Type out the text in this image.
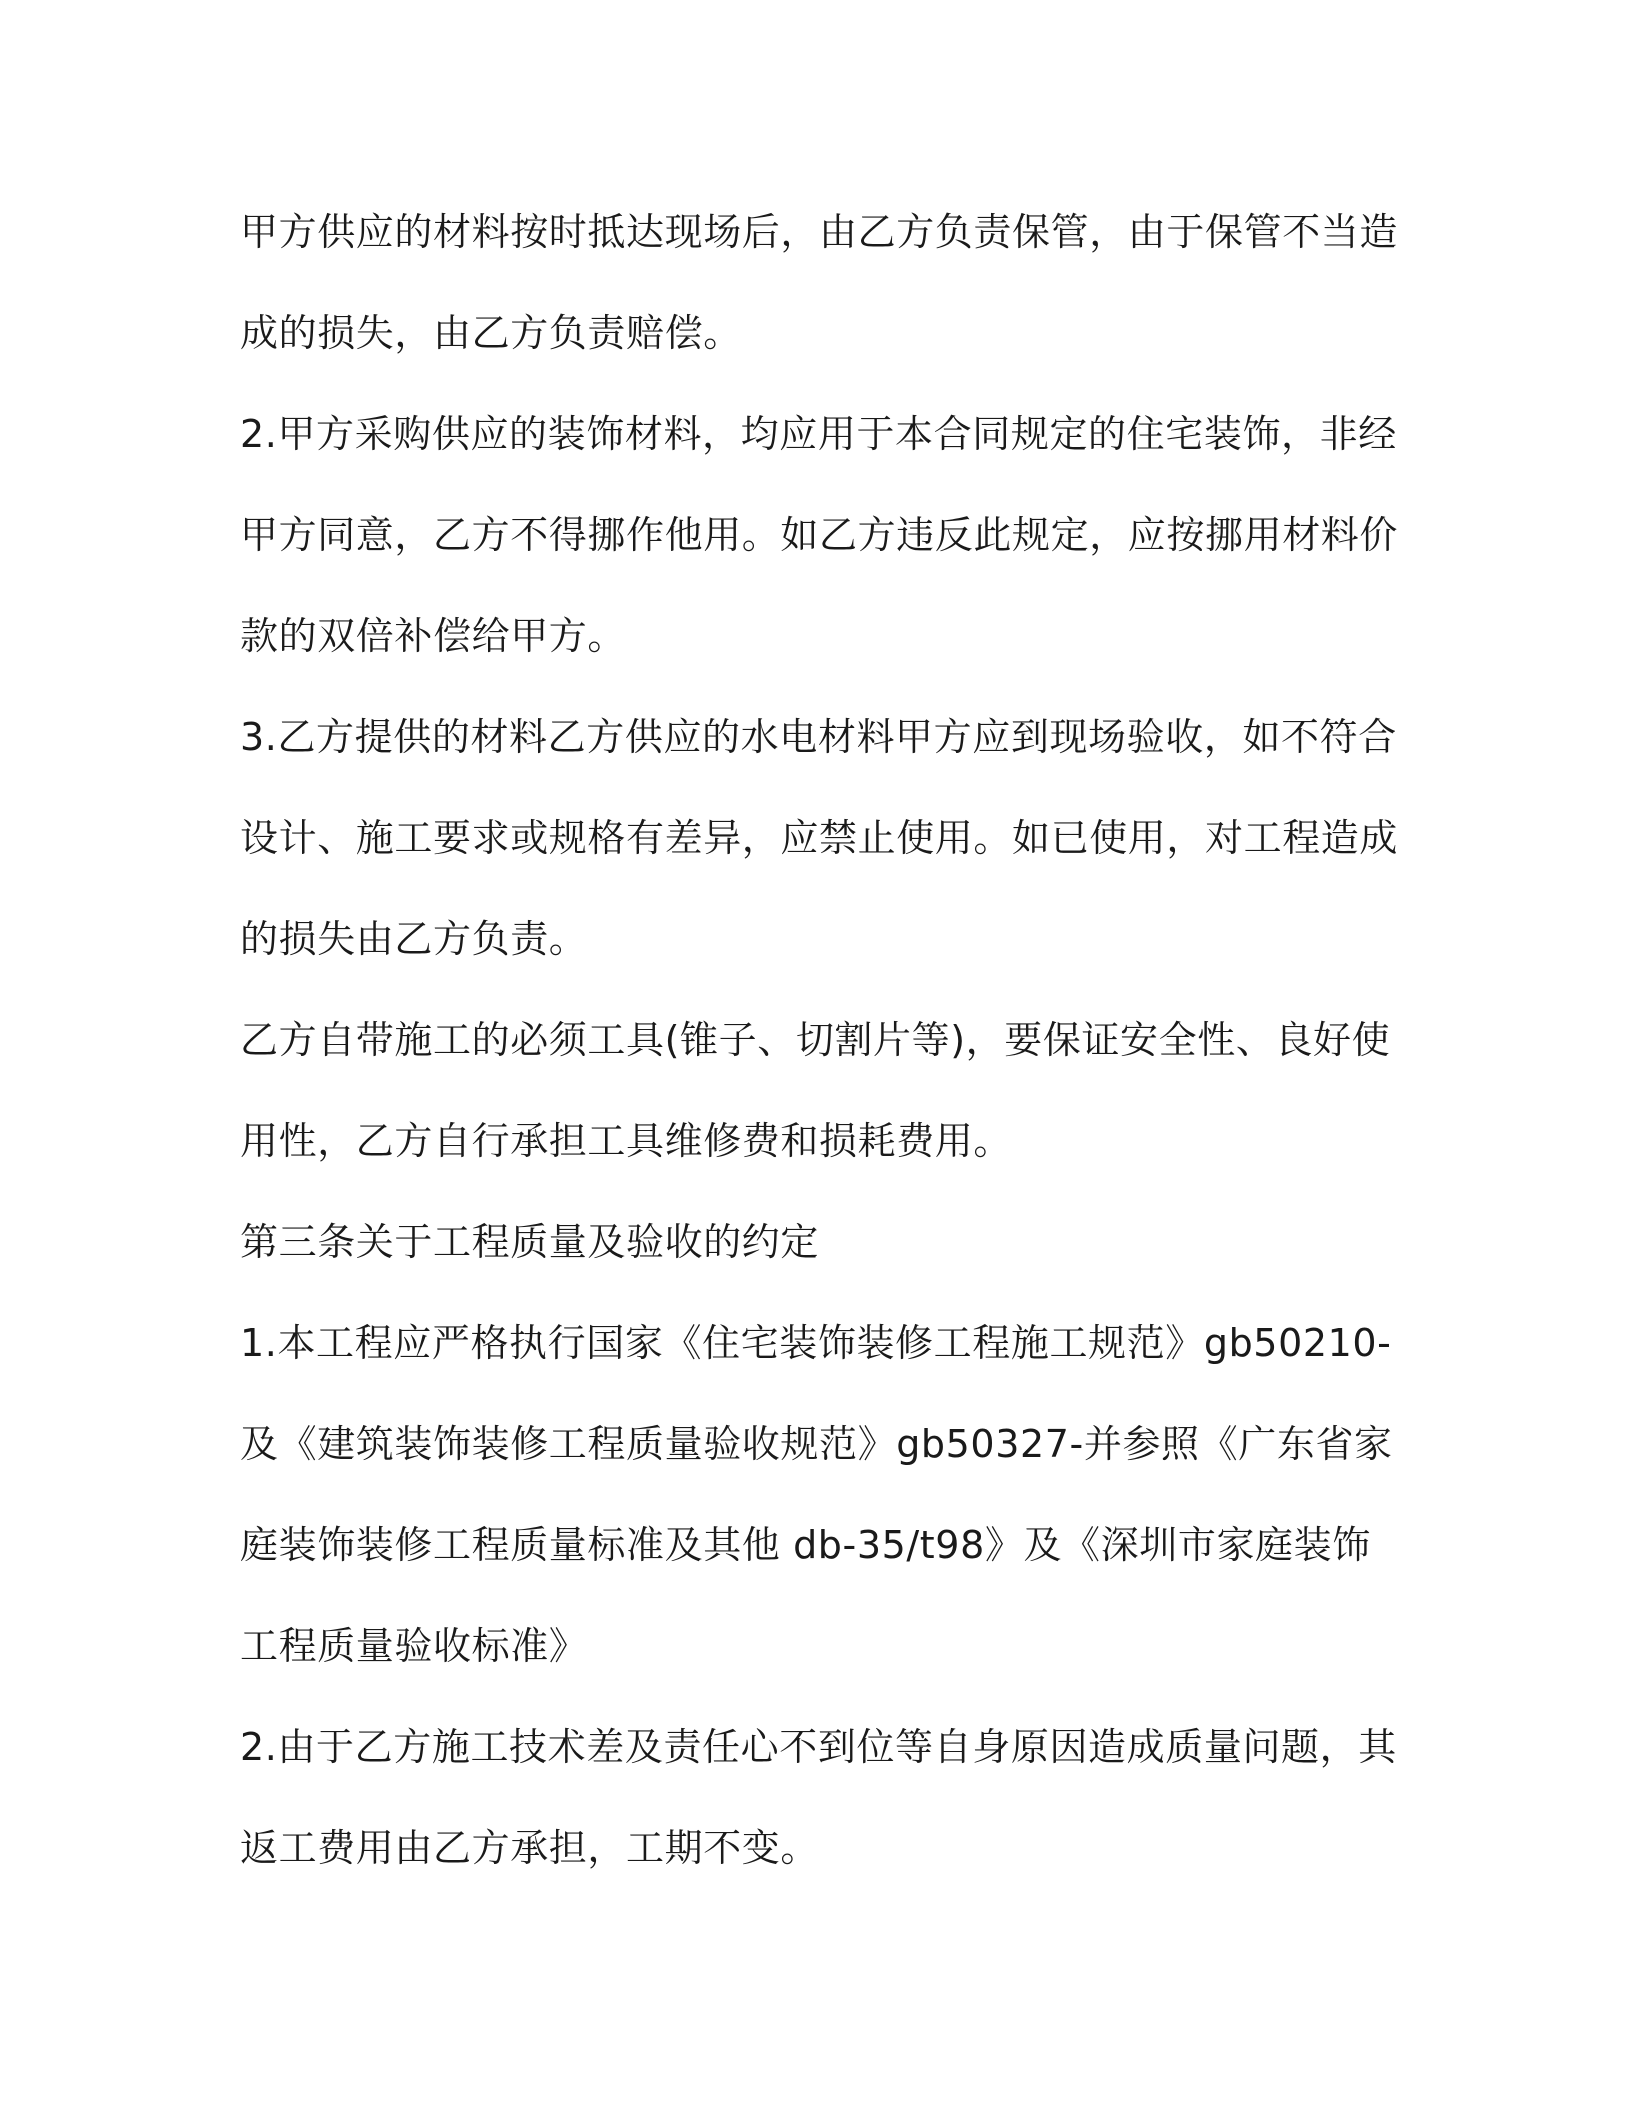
甲方供应的材料按时抵达现场后，由乙方负责保管，由于保管不当造成的损失，由乙方负责赔偿。

2.甲方采购供应的装饰材料，均应用于本合同规定的住宅装饰，非经甲方同意，乙方不得挪作他用。如乙方违反此规定，应按挪用材料价款的双倍补偿给甲方。

3.乙方提供的材料乙方供应的水电材料甲方应到现场验收，如不符合设计、施工要求或规格有差异，应禁止使用。如已使用，对工程造成的损失由乙方负责。

乙方自带施工的必须工具(锥子、切割片等)，要保证安全性、良好使用性，乙方自行承担工具维修费和损耗费用。

第三条关于工程质量及验收的约定

1.本工程应严格执行国家《住宅装饰装修工程施工规范》gb50210-及《建筑装饰装修工程质量验收规范》gb50327-并参照《广东省家庭装饰装修工程质量标准及其他 db-35/t98》及《深圳市家庭装饰工程质量验收标准》

2.由于乙方施工技术差及责任心不到位等自身原因造成质量问题，其返工费用由乙方承担，工期不变。
